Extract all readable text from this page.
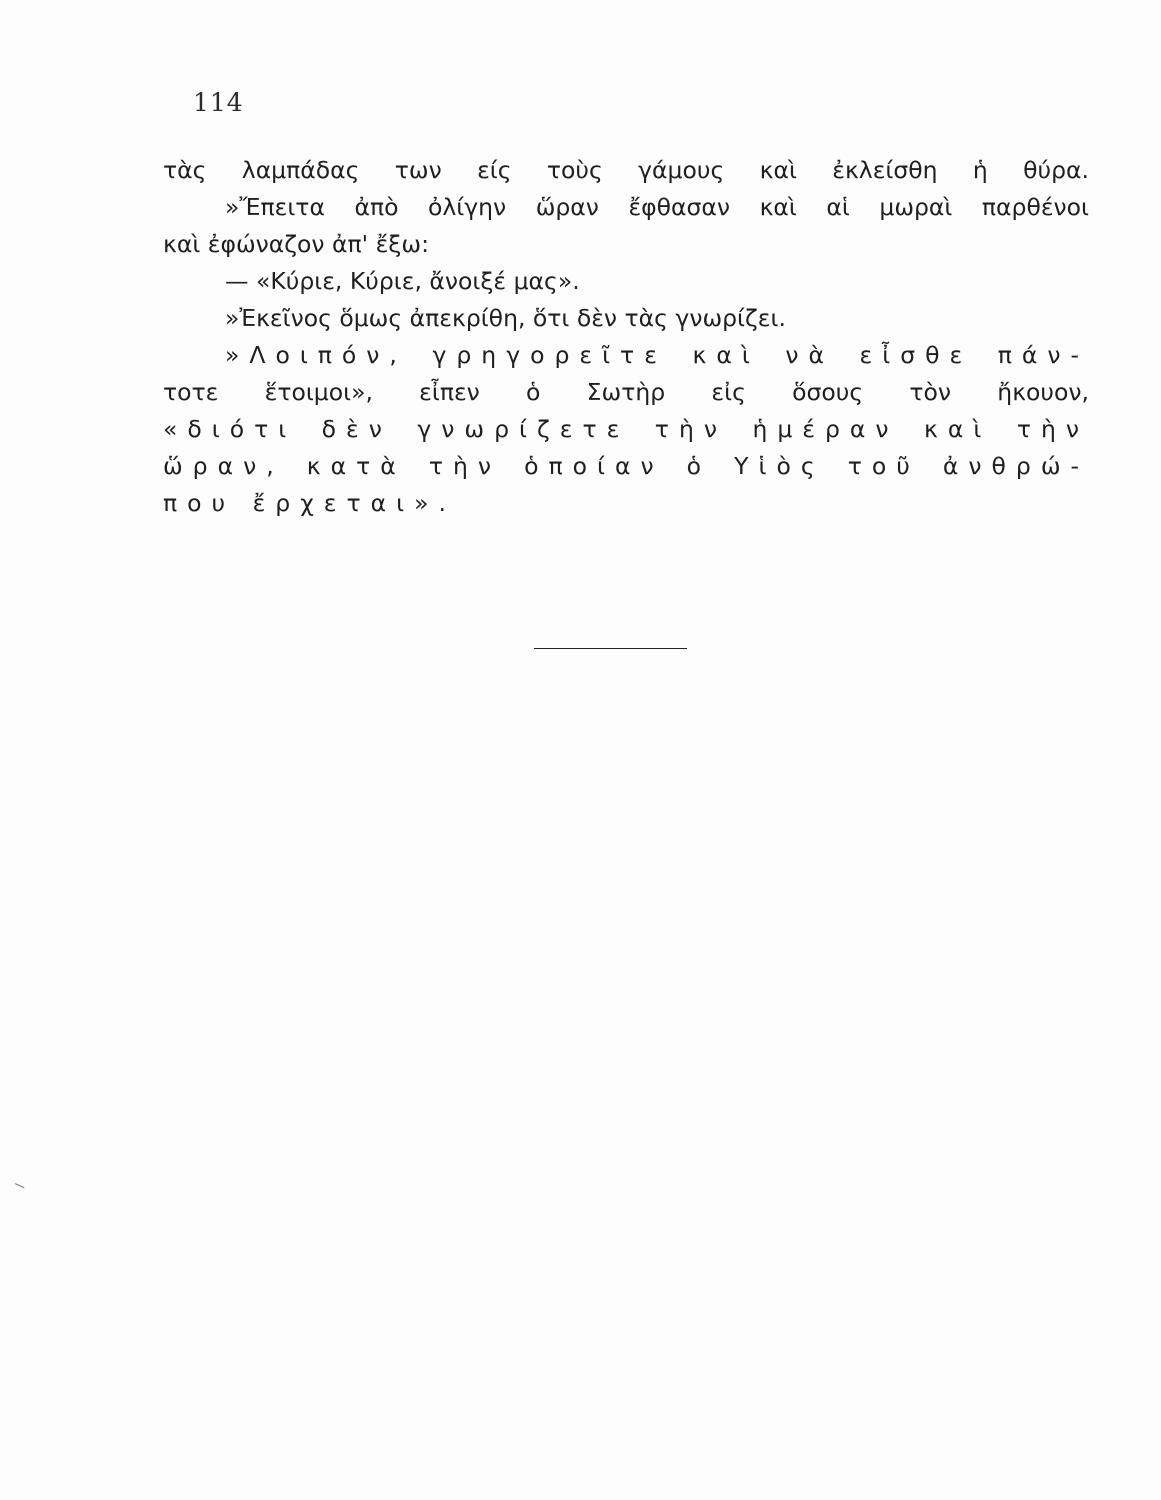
114
τὰς λαμπάδας των είς τοὺς γάμους καὶ ἐκλείσθη ἡ θύρα.
»Ἔπειτα ἀπὸ ὀλίγην ὥραν ἔφθασαν καὶ αἱ μωραὶ παρθένοι
καὶ ἐφώναζον ἀπ' ἔξω:
— «Κύριε, Κύριε, ἄνοιξέ μας».
»Ἐκεῖνος ὅμως ἀπεκρίθη, ὅτι δὲν τὰς γνωρίζει.
»Λοιπόν, γρηγορεῖτε καὶ νὰ εἶσθε πάν-
τοτε ἕτοιμοι», εἶπεν ὁ Σωτὴρ εἰς ὅσους τὸν ἤκουον,
«διότι δὲν γνωρίζετε τὴν ἡμέραν καὶ τὴν
ὥραν, κατὰ τὴν ὁποίαν ὁ Υἱὸς τοῦ ἀνθρώ-
που ἔρχεται».
